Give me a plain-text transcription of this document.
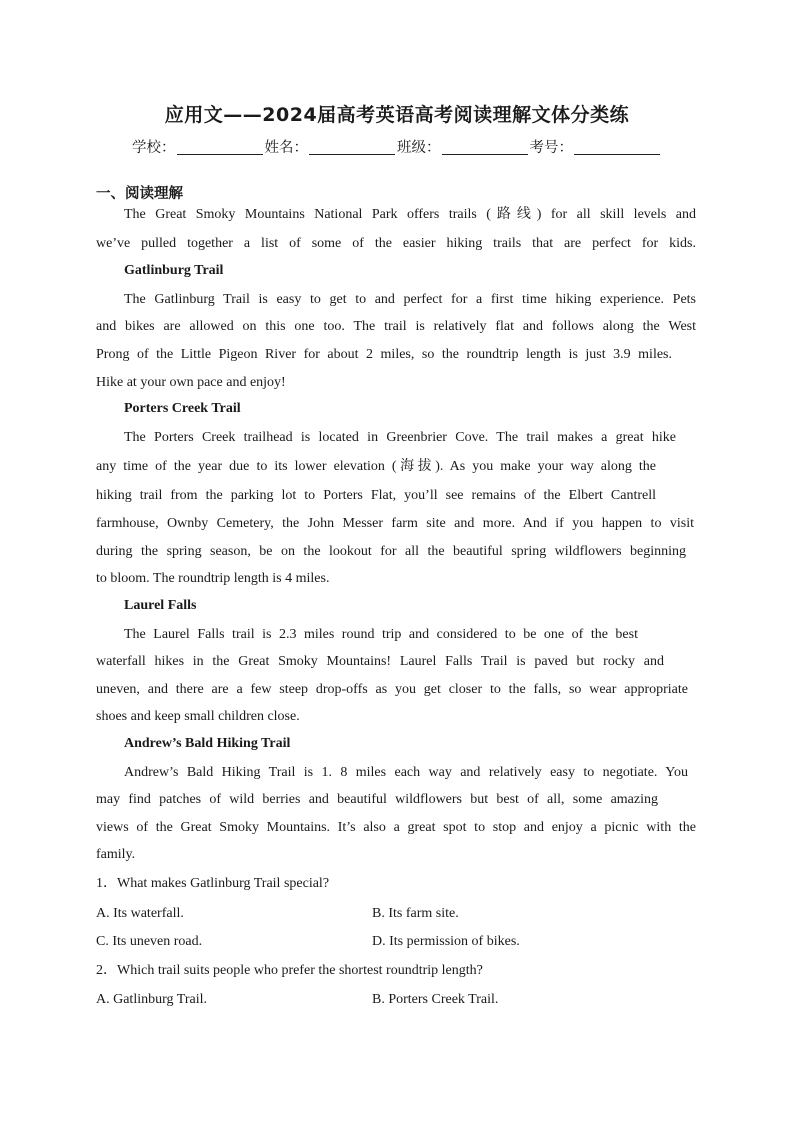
应用文——2024届高考英语高考阅读理解文体分类练
学校：	姓名：	班级：	考号：
一、阅读理解
The Great Smoky Mountains National Park offers trails (路线) for all skill levels and
we’ve pulled together a list of some of the easier hiking trails that are perfect for kids.
Gatlinburg Trail
The Gatlinburg Trail is easy to get to and perfect for a first time hiking experience. Pets
and bikes are allowed on this one too. The trail is relatively flat and follows along the West
Prong of the Little Pigeon River for about 2 miles, so the roundtrip length is just 3.9 miles.
Hike at your own pace and enjoy!
Porters Creek Trail
The Porters Creek trailhead is located in Greenbrier Cove. The trail makes a great hike
any time of the year due to its lower elevation (海拔). As you make your way along the
hiking trail from the parking lot to Porters Flat, you’ll see remains of the Elbert Cantrell
farmhouse, Ownby Cemetery, the John Messer farm site and more. And if you happen to visit
during the spring season, be on the lookout for all the beautiful spring wildflowers beginning
to bloom. The roundtrip length is 4 miles.
Laurel Falls
The Laurel Falls trail is 2.3 miles round trip and considered to be one of the best
waterfall hikes in the Great Smoky Mountains! Laurel Falls Trail is paved but rocky and
uneven, and there are a few steep drop-offs as you get closer to the falls, so wear appropriate
shoes and keep small children close.
Andrew’s Bald Hiking Trail
Andrew’s Bald Hiking Trail is 1. 8 miles each way and relatively easy to negotiate. You
may find patches of wild berries and beautiful wildflowers but best of all, some amazing
views of the Great Smoky Mountains. It’s also a great spot to stop and enjoy a picnic with the
family.
1．What makes Gatlinburg Trail special?
A. Its waterfall.	B. Its farm site.
C. Its uneven road.	D. Its permission of bikes.
2．Which trail suits people who prefer the shortest roundtrip length?
A. Gatlinburg Trail.	B. Porters Creek Trail.
